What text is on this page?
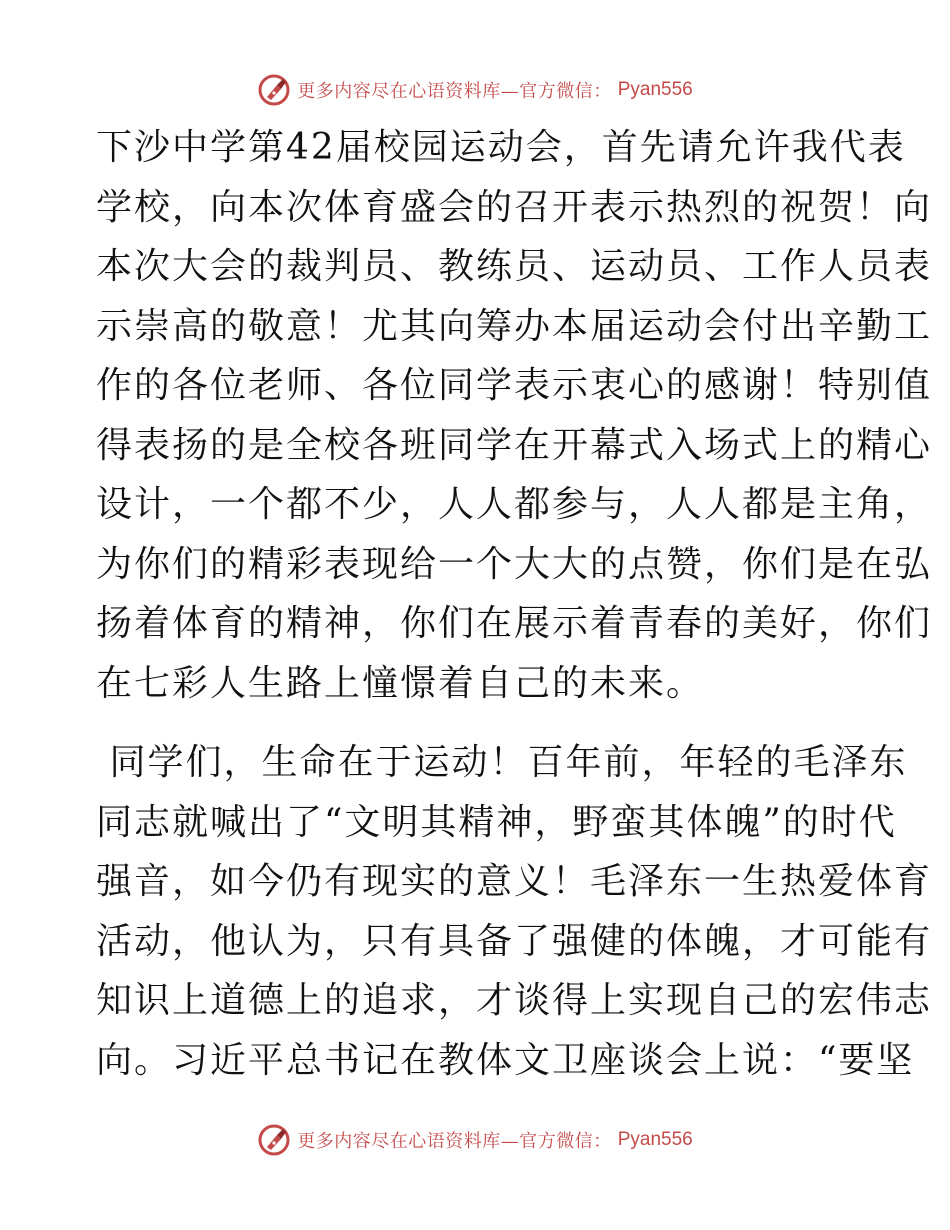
更多内容尽在心语资料库—官方微信： Pyan556
下沙中学第42届校园运动会，首先请允许我代表
学校，向本次体育盛会的召开表示热烈的祝贺！向
本次大会的裁判员、教练员、运动员、工作人员表
示崇高的敬意！尤其向筹办本届运动会付出辛勤工
作的各位老师、各位同学表示衷心的感谢！特别值
得表扬的是全校各班同学在开幕式入场式上的精心
设计，一个都不少，人人都参与，人人都是主角，
为你们的精彩表现给一个大大的点赞，你们是在弘
扬着体育的精神，你们在展示着青春的美好，你们
在七彩人生路上憧憬着自己的未来。
同学们，生命在于运动！百年前，年轻的毛泽东
同志就喊出了“文明其精神，野蛮其体魄”的时代
强音，如今仍有现实的意义！毛泽东一生热爱体育
活动，他认为，只有具备了强健的体魄，才可能有
知识上道德上的追求，才谈得上实现自己的宏伟志
向。习近平总书记在教体文卫座谈会上说：“要坚
更多内容尽在心语资料库—官方微信： Pyan556
